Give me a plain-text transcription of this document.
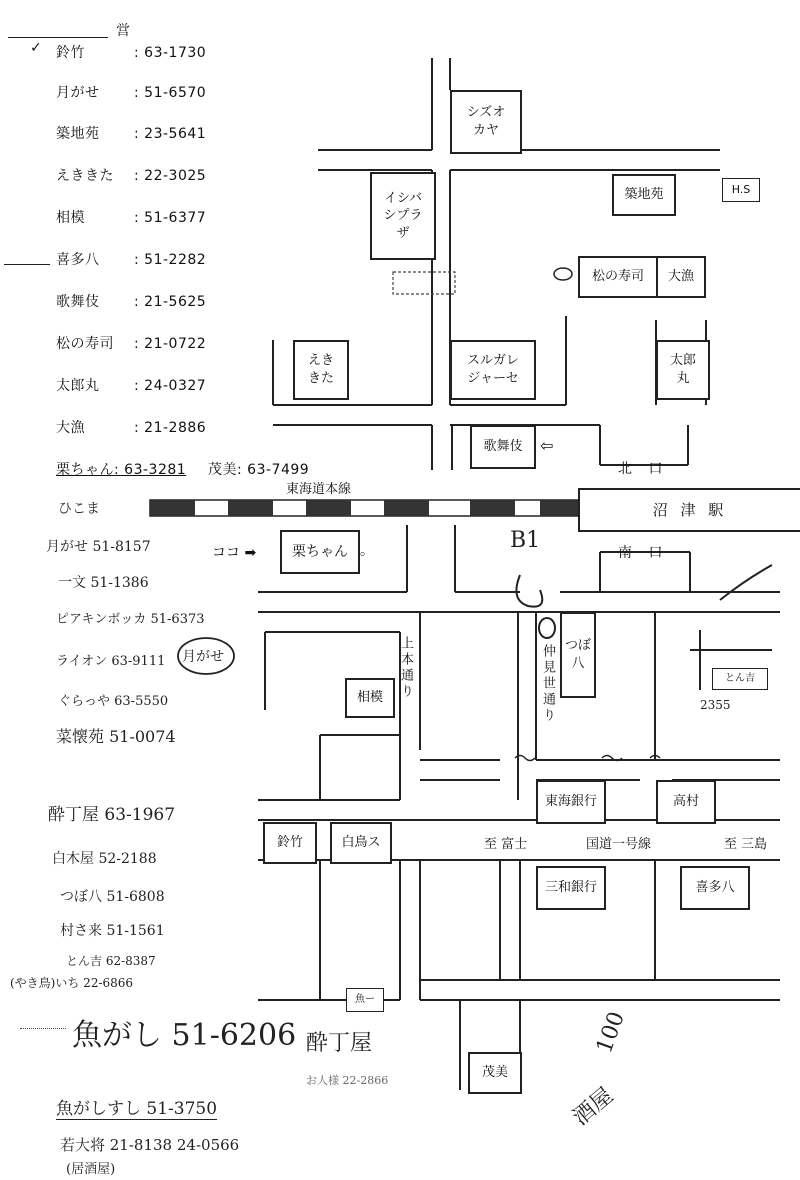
営
✓ 鈴竹	: 63-1730
月がせ : 51-6570
築地苑 : 23-5641
えききた : 22-3025
相模	: 51-6377
喜多八 : 51-2282
歌舞伎 : 21-5625
松の寿司 : 21-0722
太郎丸 : 24-0327
大漁	: 21-2886
栗ちゃん: 63-3281 茂美: 63-7499
ひこま
月がせ 51-8157
一文 51-1386
ピアキンボッカ 51-6373
ライオン 63-9111
ぐらっや 63-5550
菜懐苑 51-0074
酔丁屋 63-1967
白木屋 52-2188
つぼ八 51-6808
村さ来 51-1561
とん吉 62-8387
(やき鳥)いち 22-6866
魚がし 51-6206 酔丁屋
お人様 22-2866
魚がしすし 51-3750
若大将 21-8138 24-0566
(居酒屋)
シズオ
カヤ
イシバ
シプラ
ザ
築地苑	H.S
松の寿司	大漁
えき
きた
スルガレ
ジャーセ
太郎
丸
歌舞伎	⇦
北 口
東海道本線
沼 津 駅
南 口
ココ ➡	栗ちゃん 。	B1
つぼ
八
上本通り	仲見世通り
相模
月がせ
とん吉
2355
東海銀行	高村
鈴竹	白鳥ス	至 富士	国道一号線	至 三島
三和銀行	喜多八
魚ー
茂美
100
酒屋
